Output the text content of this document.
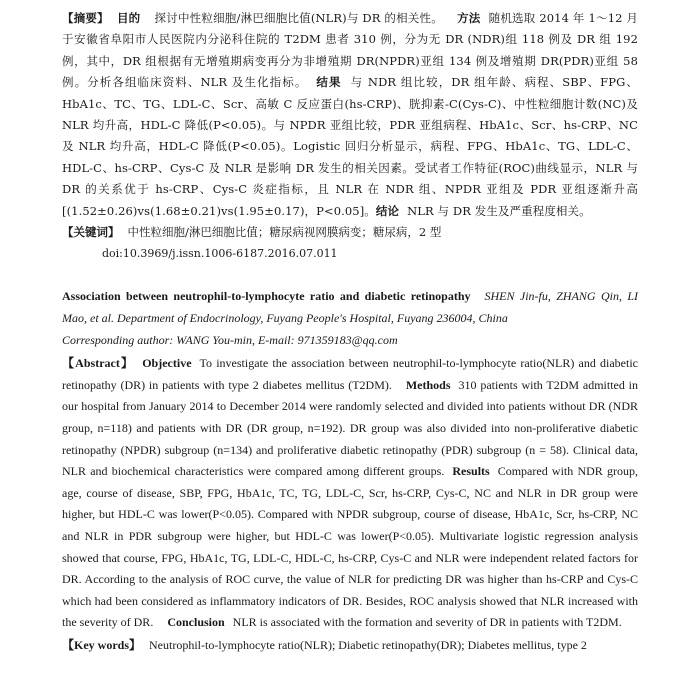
【摘要】 目的 探讨中性粒细胞/淋巴细胞比值(NLR)与 DR 的相关性。 方法 随机选取 2014 年 1～12 月于安徽省阜阳市人民医院内分泌科住院的 T2DM 患者 310 例，分为无 DR (NDR)组 118 例及 DR 组 192 例，其中，DR 组根据有无增殖期病变再分为非增殖期 DR(NPDR)亚组 134 例及增殖期 DR(PDR)亚组 58 例。分析各组临床资料、NLR 及生化指标。 结果 与 NDR 组比较，DR 组年龄、病程、SBP、FPG、HbA1c、TC、TG、LDL-C、Scr、高敏 C 反应蛋白(hs-CRP)、胱抑素-C(Cys-C)、中性粒细胞计数(NC)及 NLR 均升高，HDL-C 降低(P<0.05)。与 NPDR 亚组比较，PDR 亚组病程、HbA1c、Scr、hs-CRP、NC 及 NLR 均升高，HDL-C 降低(P<0.05)。Logistic 回归分析显示，病程、FPG、HbA1c、TG、LDL-C、HDL-C、hs-CRP、Cys-C 及 NLR 是影响 DR 发生的相关因素。受试者工作特征(ROC)曲线显示，NLR 与 DR 的关系优于 hs-CRP、Cys-C 炎症指标，且 NLR 在 NDR 组、NPDR 亚组及 PDR 亚组逐渐升高[(1.52±0.26)vs(1.68±0.21)vs(1.95±0.17)，P<0.05]。结论 NLR 与 DR 发生及严重程度相关。

【关键词】 中性粒细胞/淋巴细胞比值；糖尿病视网膜病变；糖尿病，2 型

doi:10.3969/j.issn.1006-6187.2016.07.011

Association between neutrophil-to-lymphocyte ratio and diabetic retinopathy SHEN Jin-fu, ZHANG Qin, LI Mao, et al. Department of Endocrinology, Fuyang People's Hospital, Fuyang 236004, China
Corresponding author: WANG You-min, E-mail: 971359183@qq.com
【Abstract】 Objective To investigate the association between neutrophil-to-lymphocyte ratio(NLR) and diabetic retinopathy (DR) in patients with type 2 diabetes mellitus (T2DM). Methods 310 patients with T2DM admitted in our hospital from January 2014 to December 2014 were randomly selected and divided into patients without DR (NDR group, n=118) and patients with DR (DR group, n=192). DR group was also divided into non-proliferative diabetic retinopathy (NPDR) subgroup (n=134) and proliferative diabetic retinopathy (PDR) subgroup (n = 58). Clinical data, NLR and biochemical characteristics were compared among different groups. Results Compared with NDR group, age, course of disease, SBP, FPG, HbA1c, TC, TG, LDL-C, Scr, hs-CRP, Cys-C, NC and NLR in DR group were higher, but HDL-C was lower(P<0.05). Compared with NPDR subgroup, course of disease, HbA1c, Scr, hs-CRP, NC and NLR in PDR subgroup were higher, but HDL-C was lower(P<0.05). Multivariate logistic regression analysis showed that course, FPG, HbA1c, TG, LDL-C, HDL-C, hs-CRP, Cys-C and NLR were independent related factors for DR. According to the analysis of ROC curve, the value of NLR for predicting DR was higher than hs-CRP and Cys-C which had been considered as inflammatory indicators of DR. Besides, ROC analysis showed that NLR increased with the severity of DR. Conclusion NLR is associated with the formation and severity of DR in patients with T2DM.
【Key words】 Neutrophil-to-lymphocyte ratio(NLR); Diabetic retinopathy(DR); Diabetes mellitus, type 2
